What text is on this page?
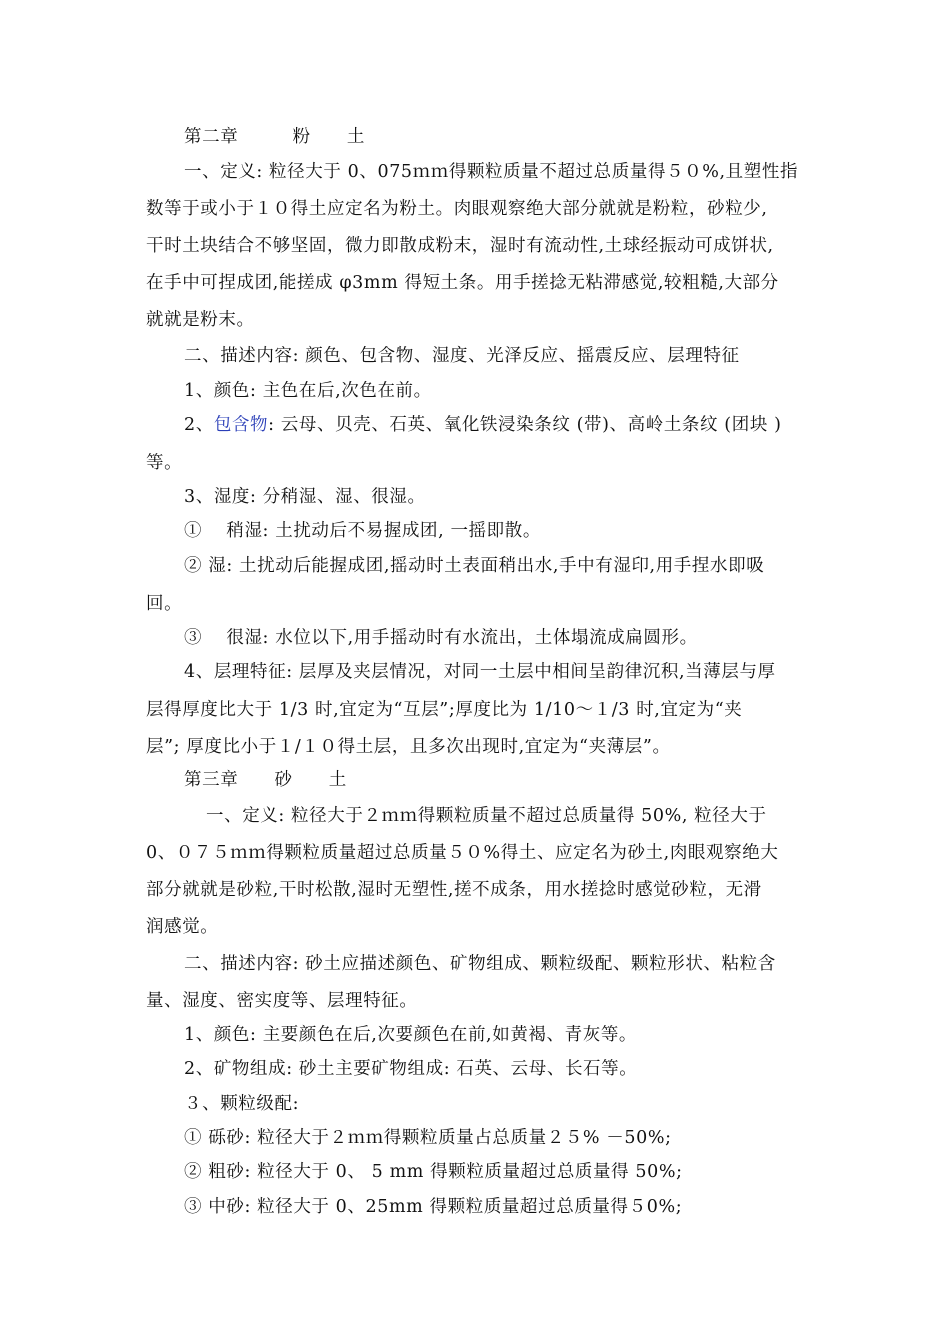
第二章　　　粉　　土
一、定义: 粒径大于 0、075ｍｍ得颗粒质量不超过总质量得５０%,且塑性指
数等于或小于１０得土应定名为粉土。肉眼观察绝大部分就就是粉粒，砂粒少,
干时土块结合不够坚固，微力即散成粉末，湿时有流动性,土球经振动可成饼状,
在手中可捏成团,能搓成 φ3mm 得短土条。用手搓捻无粘滞感觉,较粗糙,大部分
就就是粉末。
二、描述内容: 颜色、包含物、湿度、光泽反应、摇震反应、层理特征
1、颜色: 主色在后,次色在前。
2、包含物: 云母、贝壳、石英、氧化铁浸染条纹 (带)、高岭土条纹 (团块 )
等。
3、湿度: 分稍湿、湿、很湿。
①　 稍湿: 土扰动后不易握成团, 一摇即散。
② 湿: 土扰动后能握成团,摇动时土表面稍出水,手中有湿印,用手捏水即吸
回。
③　 很湿: 水位以下,用手摇动时有水流出，土体塌流成扁圆形。
4、层理特征: 层厚及夹层情况，对同一土层中相间呈韵律沉积,当薄层与厚
层得厚度比大于 1/3 时,宜定为“互层”;厚度比为 1/10～１/3 时,宜定为“夹
层”; 厚度比小于１/１０得土层，且多次出现时,宜定为“夹薄层”。
第三章　　砂　　土
一、定义: 粒径大于２ｍｍ得颗粒质量不超过总质量得 50%, 粒径大于
0、０７５ｍｍ得颗粒质量超过总质量５０%得土、应定名为砂土,肉眼观察绝大
部分就就是砂粒,干时松散,湿时无塑性,搓不成条，用水搓捻时感觉砂粒，无滑
润感觉。
二、描述内容: 砂土应描述颜色、矿物组成、颗粒级配、颗粒形状、粘粒含
量、湿度、密实度等、层理特征。
1、颜色: 主要颜色在后,次要颜色在前,如黄褐、青灰等。
2、矿物组成: 砂土主要矿物组成: 石英、云母、长石等。
３、颗粒级配:
① 砾砂: 粒径大于２ｍｍ得颗粒质量占总质量２５% －50%;
② 粗砂: 粒径大于 0、 5 mm 得颗粒质量超过总质量得 50%;
③ 中砂: 粒径大于 0、25mm 得颗粒质量超过总质量得５0%;
